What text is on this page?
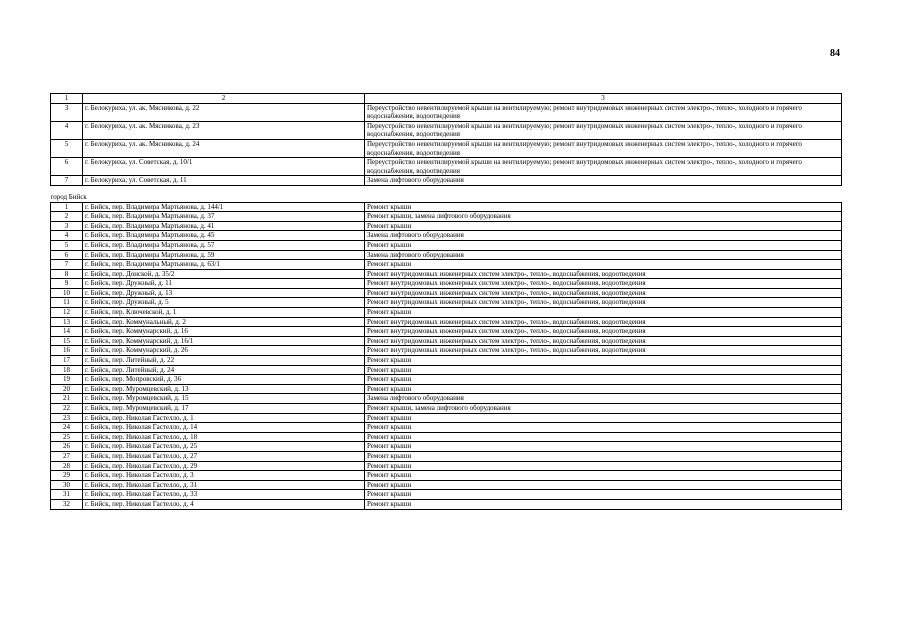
84
1	2	3
3	г. Белокуриха, ул. ак. Мясникова, д. 22	Переустройство невентилируемой крыши на вентилируемую; ремонт внутридомовых инженерных систем электро-, тепло-, холодного и горячего водоснабжения, водоотведения
4	г. Белокуриха, ул. ак. Мясникова, д. 23	Переустройство невентилируемой крыши на вентилируемую; ремонт внутридомовых инженерных систем электро-, тепло-, холодного и горячего водоснабжения, водоотведения
5	г. Белокуриха, ул. ак. Мясникова, д. 24	Переустройство невентилируемой крыши на вентилируемую; ремонт внутридомовых инженерных систем электро-, тепло-, холодного и горячего водоснабжения, водоотведения
6	г. Белокуриха, ул. Советская, д. 10/1	Переустройство невентилируемой крыши на вентилируемую; ремонт внутридомовых инженерных систем электро-, тепло-, холодного и горячего водоснабжения, водоотведения
7	г. Белокуриха, ул. Советская, д. 11	Замена лифтового оборудования
город Бийск		
1	г. Бийск, пер. Владимира Мартьянова, д. 144/1	Ремонт крыши
2	г. Бийск, пер. Владимира Мартьянова, д. 37	Ремонт крыши, замена лифтового оборудования
3	г. Бийск, пер. Владимира Мартьянова, д. 41	Ремонт крыши
4	г. Бийск, пер. Владимира Мартьянова, д. 45	Замена лифтового оборудования
5	г. Бийск, пер. Владимира Мартьянова, д. 57	Ремонт крыши
6	г. Бийск, пер. Владимира Мартьянова, д. 59	Замена лифтового оборудования
7	г. Бийск, пер. Владимира Мартьянова, д. 63/1	Ремонт крыши
8	г. Бийск, пер. Донской, д. 35/2	Ремонт внутридомовых инженерных систем электро-, тепло-, водоснабжения, водоотведения
9	г. Бийск, пер. Дружный, д. 11	Ремонт внутридомовых инженерных систем электро-, тепло-, водоснабжения, водоотведения
10	г. Бийск, пер. Дружный, д. 13	Ремонт внутридомовых инженерных систем электро-, тепло-, водоснабжения, водоотведения
11	г. Бийск, пер. Дружный, д. 5	Ремонт внутридомовых инженерных систем электро-, тепло-, водоснабжения, водоотведения
12	г. Бийск, пер. Ключевской, д. 1	Ремонт крыши
13	г. Бийск, пер. Коммунальный, д. 2	Ремонт внутридомовых инженерных систем электро-, тепло-, водоснабжения, водоотведения
14	г. Бийск, пер. Коммунарский, д. 16	Ремонт внутридомовых инженерных систем электро-, тепло-, водоснабжения, водоотведения
15	г. Бийск, пер. Коммунарский, д. 16/1	Ремонт внутридомовых инженерных систем электро-, тепло-, водоснабжения, водоотведения
16	г. Бийск, пер. Коммунарский, д. 26	Ремонт внутридомовых инженерных систем электро-, тепло-, водоснабжения, водоотведения
17	г. Бийск, пер. Литейный, д. 22	Ремонт крыши
18	г. Бийск, пер. Литейный, д. 24	Ремонт крыши
19	г. Бийск, пер. Мопровский, д. 36	Ремонт крыши
20	г. Бийск, пер. Муромцевский, д. 13	Ремонт крыши
21	г. Бийск, пер. Муромцевский, д. 15	Замена лифтового оборудования
22	г. Бийск, пер. Муромцевский, д. 17	Ремонт крыши, замена лифтового оборудования
23	г. Бийск, пер. Николая Гастелло, д. 1	Ремонт крыши
24	г. Бийск, пер. Николая Гастелло, д. 14	Ремонт крыши
25	г. Бийск, пер. Николая Гастелло, д. 18	Ремонт крыши
26	г. Бийск, пер. Николая Гастелло, д. 25	Ремонт крыши
27	г. Бийск, пер. Николая Гастелло, д. 27	Ремонт крыши
28	г. Бийск, пер. Николая Гастелло, д. 29	Ремонт крыши
29	г. Бийск, пер. Николая Гастелло, д. 3	Ремонт крыши
30	г. Бийск, пер. Николая Гастелло, д. 31	Ремонт крыши
31	г. Бийск, пер. Николая Гастелло, д. 33	Ремонт крыши
32	г. Бийск, пер. Николая Гастелло, д. 4	Ремонт крыши
